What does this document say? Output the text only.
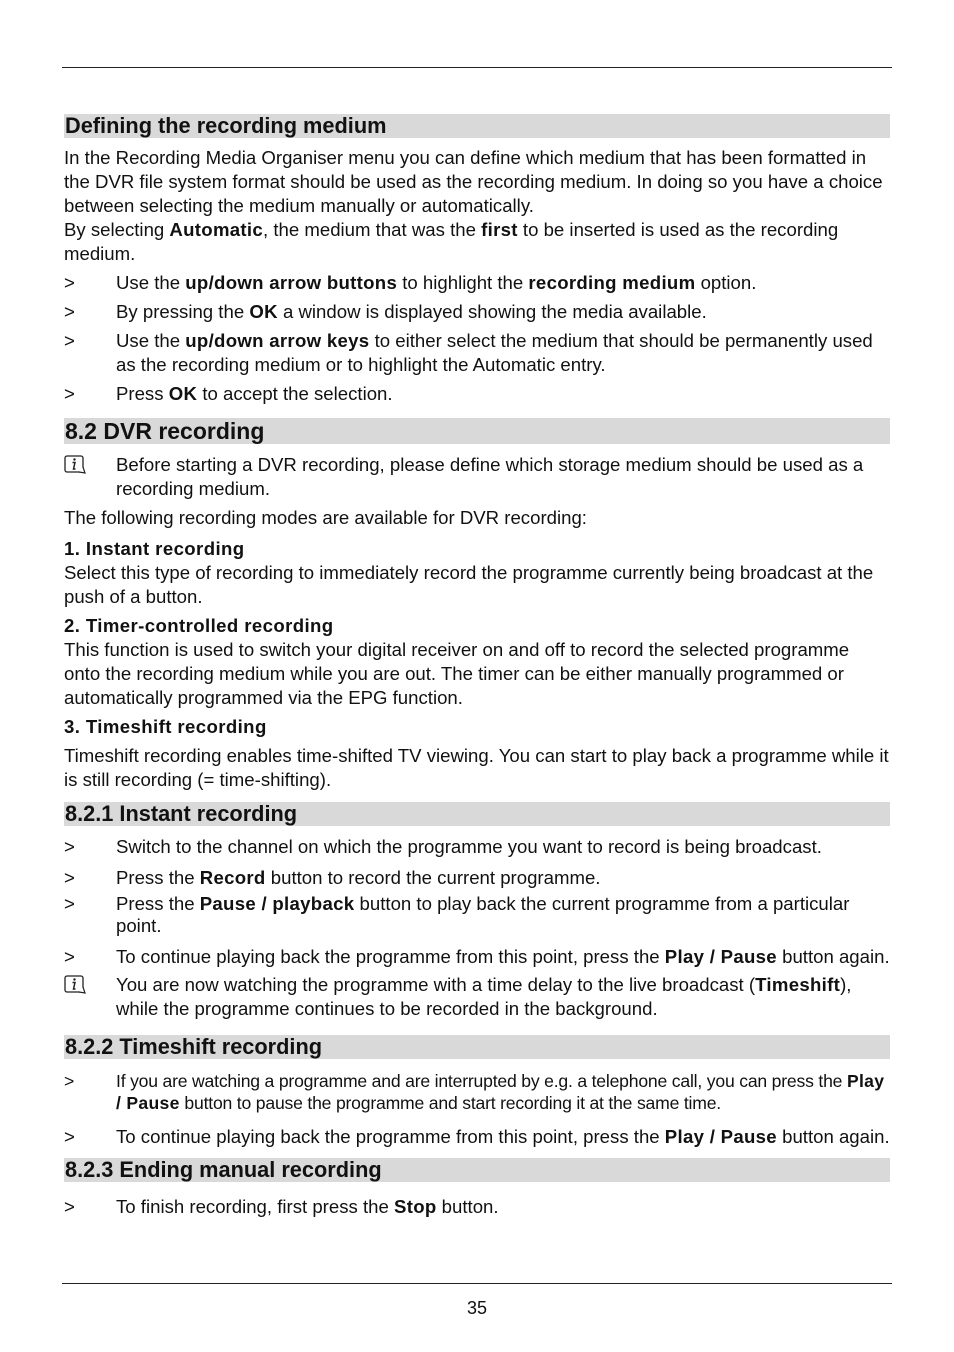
Defining the recording medium

In the Recording Media Organiser menu you can define which medium that has been formatted in the DVR file system format should be used as the recording medium. In doing so you have a choice between selecting the medium manually or automatically.

By selecting Automatic, the medium that was the first to be inserted is used as the recording medium.

> Use the up/down arrow buttons to highlight the recording medium option.
> By pressing the OK a window is displayed showing the media available.
> Use the up/down arrow keys to either select the medium that should be permanently used as the recording medium or to highlight the Automatic entry.
> Press OK to accept the selection.
8.2 DVR recording
Before starting a DVR recording, please define which storage medium should be used as a recording medium.

The following recording modes are available for DVR recording:

1. Instant recording

Select this type of recording to immediately record the programme currently being broadcast at the push of a button.

2. Timer-controlled recording

This function is used to switch your digital receiver on and off to record the selected programme onto the recording medium while you are out. The timer can be either manually programmed or automatically programmed via the EPG function.

3. Timeshift recording

Timeshift recording enables time-shifted TV viewing. You can start to play back a programme while it is still recording (= time-shifting).

8.2.1 Instant recording
> Switch to the channel on which the programme you want to record is being broadcast.
> Press the Record button to record the current programme.
> Press the Pause / playback button to play back the current programme from a particular point.
> To continue playing back the programme from this point, press the Play / Pause button again.
You are now watching the programme with a time delay to the live broadcast (Timeshift), while the programme continues to be recorded in the background.
8.2.2 Timeshift recording
> If you are watching a programme and are interrupted by e.g. a telephone call, you can press the Play / Pause button to pause the programme and start recording it at the same time.
> To continue playing back the programme from this point, press the Play / Pause button again.
8.2.3 Ending manual recording
> To finish recording, first press the Stop button.
35
